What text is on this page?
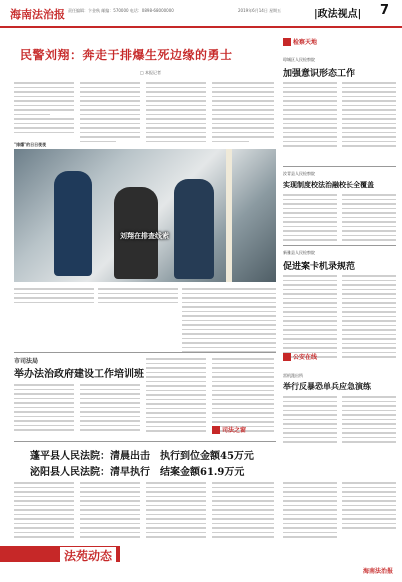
海南法治报 责任编辑：卞金秋 邮编：570000 电话：0898-68000000	2019年6月14日 星期五	|政法视点| 7
民警刘翔：奔走于排爆生死边缘的勇士
□ 本报记者
"排爆"的日日夜夜
刘翔在排查线索
检察天地
琼城区人民检察院
加强意识形态工作
汝青县人民检察院
实现制度校法治融校长全覆盖
新雅县人民检察院
促进案卡机录规范
市司法局
举办法治政府建设工作培训班
司法之窗
公安在线
雷机派出所
举行反暴恐单兵应急演练
蓬平县人民法院：清晨出击　执行到位金额45万元
泌阳县人民法院：清早执行　结案金额61.9万元
法苑动态
海南法治报
